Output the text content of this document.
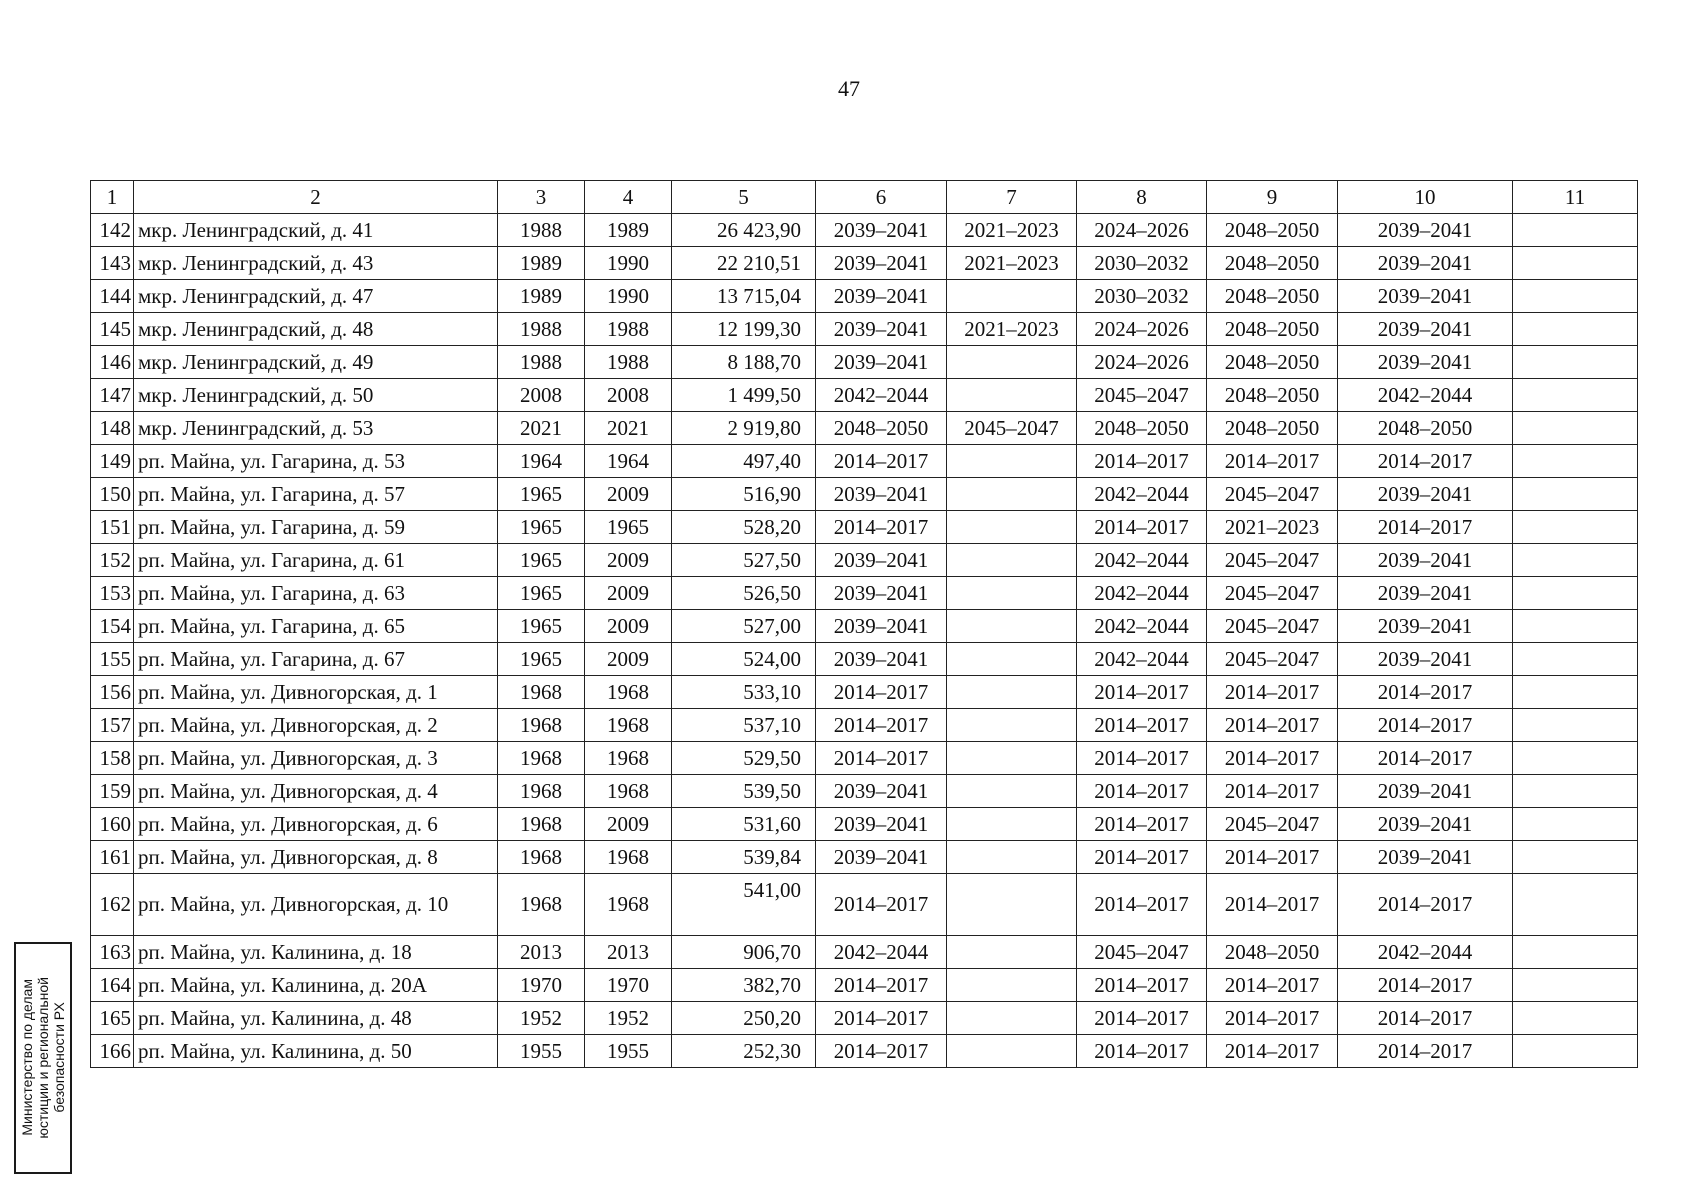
47
1	2	3	4	5	6	7	8	9	10	11
142	мкр. Ленинградский, д. 41	1988	1989	26 423,90	2039–2041	2021–2023	2024–2026	2048–2050	2039–2041	
143	мкр. Ленинградский, д. 43	1989	1990	22 210,51	2039–2041	2021–2023	2030–2032	2048–2050	2039–2041	
144	мкр. Ленинградский, д. 47	1989	1990	13 715,04	2039–2041		2030–2032	2048–2050	2039–2041	
145	мкр. Ленинградский, д. 48	1988	1988	12 199,30	2039–2041	2021–2023	2024–2026	2048–2050	2039–2041	
146	мкр. Ленинградский, д. 49	1988	1988	8 188,70	2039–2041		2024–2026	2048–2050	2039–2041	
147	мкр. Ленинградский, д. 50	2008	2008	1 499,50	2042–2044		2045–2047	2048–2050	2042–2044	
148	мкр. Ленинградский, д. 53	2021	2021	2 919,80	2048–2050	2045–2047	2048–2050	2048–2050	2048–2050	
149	рп. Майна, ул. Гагарина, д. 53	1964	1964	497,40	2014–2017		2014–2017	2014–2017	2014–2017	
150	рп. Майна, ул. Гагарина, д. 57	1965	2009	516,90	2039–2041		2042–2044	2045–2047	2039–2041	
151	рп. Майна, ул. Гагарина, д. 59	1965	1965	528,20	2014–2017		2014–2017	2021–2023	2014–2017	
152	рп. Майна, ул. Гагарина, д. 61	1965	2009	527,50	2039–2041		2042–2044	2045–2047	2039–2041	
153	рп. Майна, ул. Гагарина, д. 63	1965	2009	526,50	2039–2041		2042–2044	2045–2047	2039–2041	
154	рп. Майна, ул. Гагарина, д. 65	1965	2009	527,00	2039–2041		2042–2044	2045–2047	2039–2041	
155	рп. Майна, ул. Гагарина, д. 67	1965	2009	524,00	2039–2041		2042–2044	2045–2047	2039–2041	
156	рп. Майна, ул. Дивногорская, д. 1	1968	1968	533,10	2014–2017		2014–2017	2014–2017	2014–2017	
157	рп. Майна, ул. Дивногорская, д. 2	1968	1968	537,10	2014–2017		2014–2017	2014–2017	2014–2017	
158	рп. Майна, ул. Дивногорская, д. 3	1968	1968	529,50	2014–2017		2014–2017	2014–2017	2014–2017	
159	рп. Майна, ул. Дивногорская, д. 4	1968	1968	539,50	2039–2041		2014–2017	2014–2017	2039–2041	
160	рп. Майна, ул. Дивногорская, д. 6	1968	2009	531,60	2039–2041		2014–2017	2045–2047	2039–2041	
161	рп. Майна, ул. Дивногорская, д. 8	1968	1968	539,84	2039–2041		2014–2017	2014–2017	2039–2041	
162	рп. Майна, ул. Дивногорская, д. 10	1968	1968	541,00	2014–2017		2014–2017	2014–2017	2014–2017	
163	рп. Майна, ул. Калинина, д. 18	2013	2013	906,70	2042–2044		2045–2047	2048–2050	2042–2044	
164	рп. Майна, ул. Калинина, д. 20А	1970	1970	382,70	2014–2017		2014–2017	2014–2017	2014–2017	
165	рп. Майна, ул. Калинина, д. 48	1952	1952	250,20	2014–2017		2014–2017	2014–2017	2014–2017	
166	рп. Майна, ул. Калинина, д. 50	1955	1955	252,30	2014–2017		2014–2017	2014–2017	2014–2017	
Министерство по делам юстиции и региональной безопасности РХ
